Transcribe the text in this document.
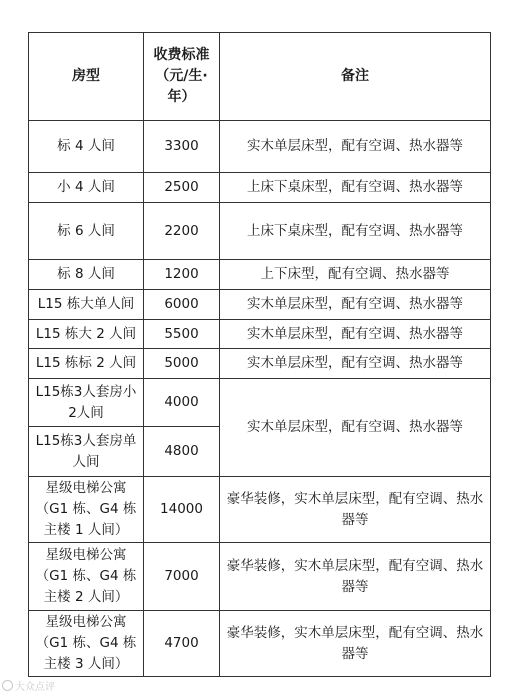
房型	收费标准（元/生·年）	备注
标 4 人间	3300	实木单层床型，配有空调、热水器等
小 4 人间	2500	上床下桌床型，配有空调、热水器等
标 6 人间	2200	上床下桌床型，配有空调、热水器等
标 8 人间	1200	上下床型，配有空调、热水器等
L15 栋大单人间	6000	实木单层床型，配有空调、热水器等
L15 栋大 2 人间	5500	实木单层床型，配有空调、热水器等
L15 栋标 2 人间	5000	实木单层床型，配有空调、热水器等
L15栋3人套房小2人间	4000	实木单层床型，配有空调、热水器等
L15栋3人套房单人间	4800	
星级电梯公寓（G1 栋、G4 栋主楼 1 人间）	14000	豪华装修，实木单层床型，配有空调、热水器等
星级电梯公寓（G1 栋、G4 栋主楼 2 人间）	7000	豪华装修，实木单层床型，配有空调、热水器等
星级电梯公寓（G1 栋、G4 栋主楼 3 人间）	4700	豪华装修，实木单层床型，配有空调、热水器等
大众点评
